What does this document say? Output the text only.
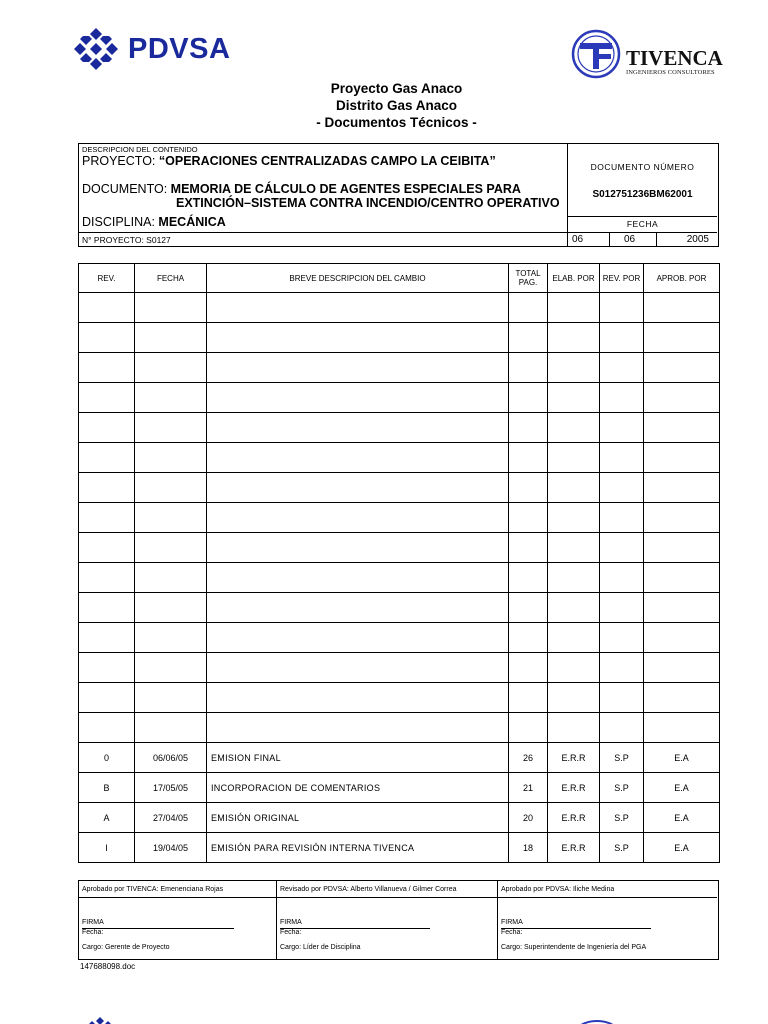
PDVSA	TIVENCA
INGENIEROS CONSULTORES
Proyecto Gas Anaco
Distrito Gas Anaco
- Documentos Técnicos -
DESCRIPCION DEL CONTENIDO
PROYECTO: “OPERACIONES CENTRALIZADAS CAMPO LA CEIBITA”
DOCUMENTO: MEMORIA DE CÁLCULO DE AGENTES ESPECIALES PARA
EXTINCIÓN–SISTEMA CONTRA INCENDIO/CENTRO OPERATIVO
DISCIPLINA: MECÁNICA
N° PROYECTO: S0127
DOCUMENTO NÚMERO
S012751236BM62001
FECHA
06	06	2005
REV.	FECHA	BREVE DESCRIPCION DEL CAMBIO	TOTAL PAG.	ELAB. POR	REV. POR	APROB. POR

0	06/06/05	EMISION FINAL	26	E.R.R	S.P	E.A
B	17/05/05	INCORPORACION DE COMENTARIOS	21	E.R.R	S.P	E.A
A	27/04/05	EMISIÓN ORIGINAL	20	E.R.R	S.P	E.A
I	19/04/05	EMISIÓN PARA REVISIÓN INTERNA TIVENCA	18	E.R.R	S.P	E.A
Aprobado por TIVENCA: Emenenciana Rojas
FIRMA
Fecha:
Cargo: Gerente de Proyecto
Revisado por PDVSA: Alberto Villanueva / Gilmer Correa
FIRMA
Fecha:
Cargo: Líder de Disciplina
Aprobado por PDVSA: Iliche Medina
FIRMA
Fecha:
Cargo: Superintendente de Ingeniería del PGA
147688098.doc
